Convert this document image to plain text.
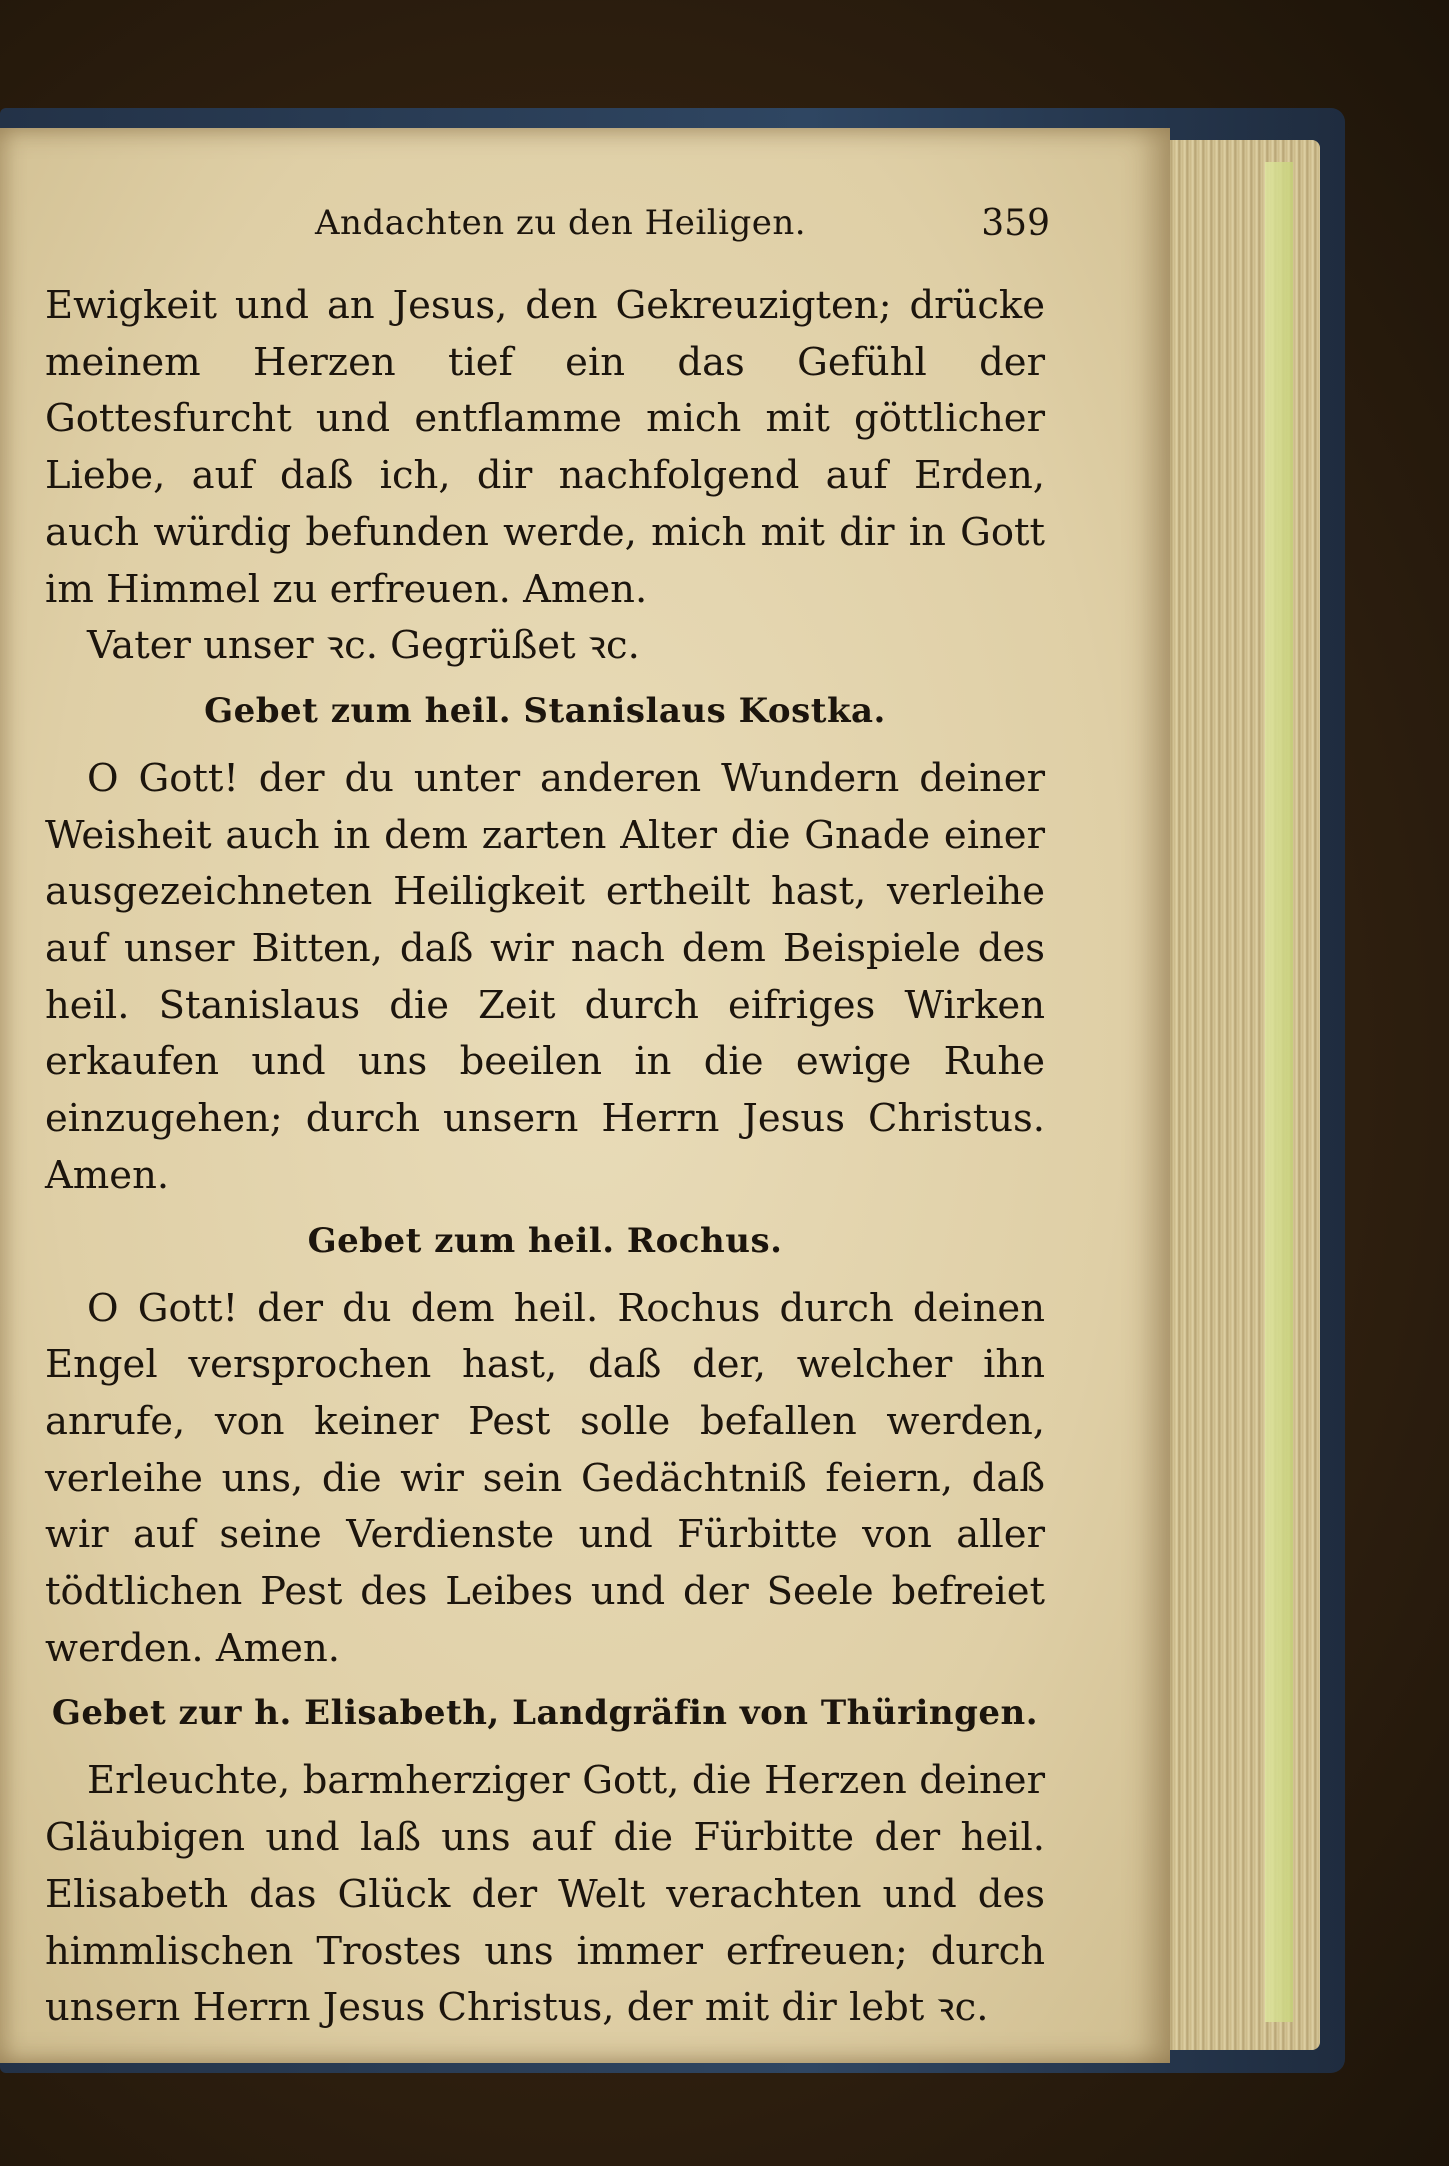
Andachten zu den Heiligen.	359

Ewigkeit und an Jesus, den Gekreuzigten; drücke meinem Herzen tief ein das Gefühl der Gottesfurcht und entflamme mich mit göttlicher Liebe, auf daß ich, dir nachfolgend auf Erden, auch würdig befunden werde, mich mit dir in Gott im Himmel zu erfreuen. Amen.

Vater unser ꝛc. Gegrüßet ꝛc.

Gebet zum heil. Stanislaus Kostka.

O Gott! der du unter anderen Wundern deiner Weisheit auch in dem zarten Alter die Gnade einer ausgezeichneten Heiligkeit ertheilt hast, verleihe auf unser Bitten, daß wir nach dem Beispiele des heil. Stanislaus die Zeit durch eifriges Wirken erkaufen und uns beeilen in die ewige Ruhe einzugehen; durch unsern Herrn Jesus Christus. Amen.

Gebet zum heil. Rochus.

O Gott! der du dem heil. Rochus durch deinen Engel versprochen hast, daß der, welcher ihn anrufe, von keiner Pest solle befallen werden, verleihe uns, die wir sein Gedächtniß feiern, daß wir auf seine Verdienste und Fürbitte von aller tödtlichen Pest des Leibes und der Seele befreiet werden. Amen.

Gebet zur h. Elisabeth, Landgräfin von Thüringen.

Erleuchte, barmherziger Gott, die Herzen deiner Gläubigen und laß uns auf die Fürbitte der heil. Elisabeth das Glück der Welt verachten und des himmlischen Trostes uns immer erfreuen; durch unsern Herrn Jesus Christus, der mit dir lebt ꝛc.
